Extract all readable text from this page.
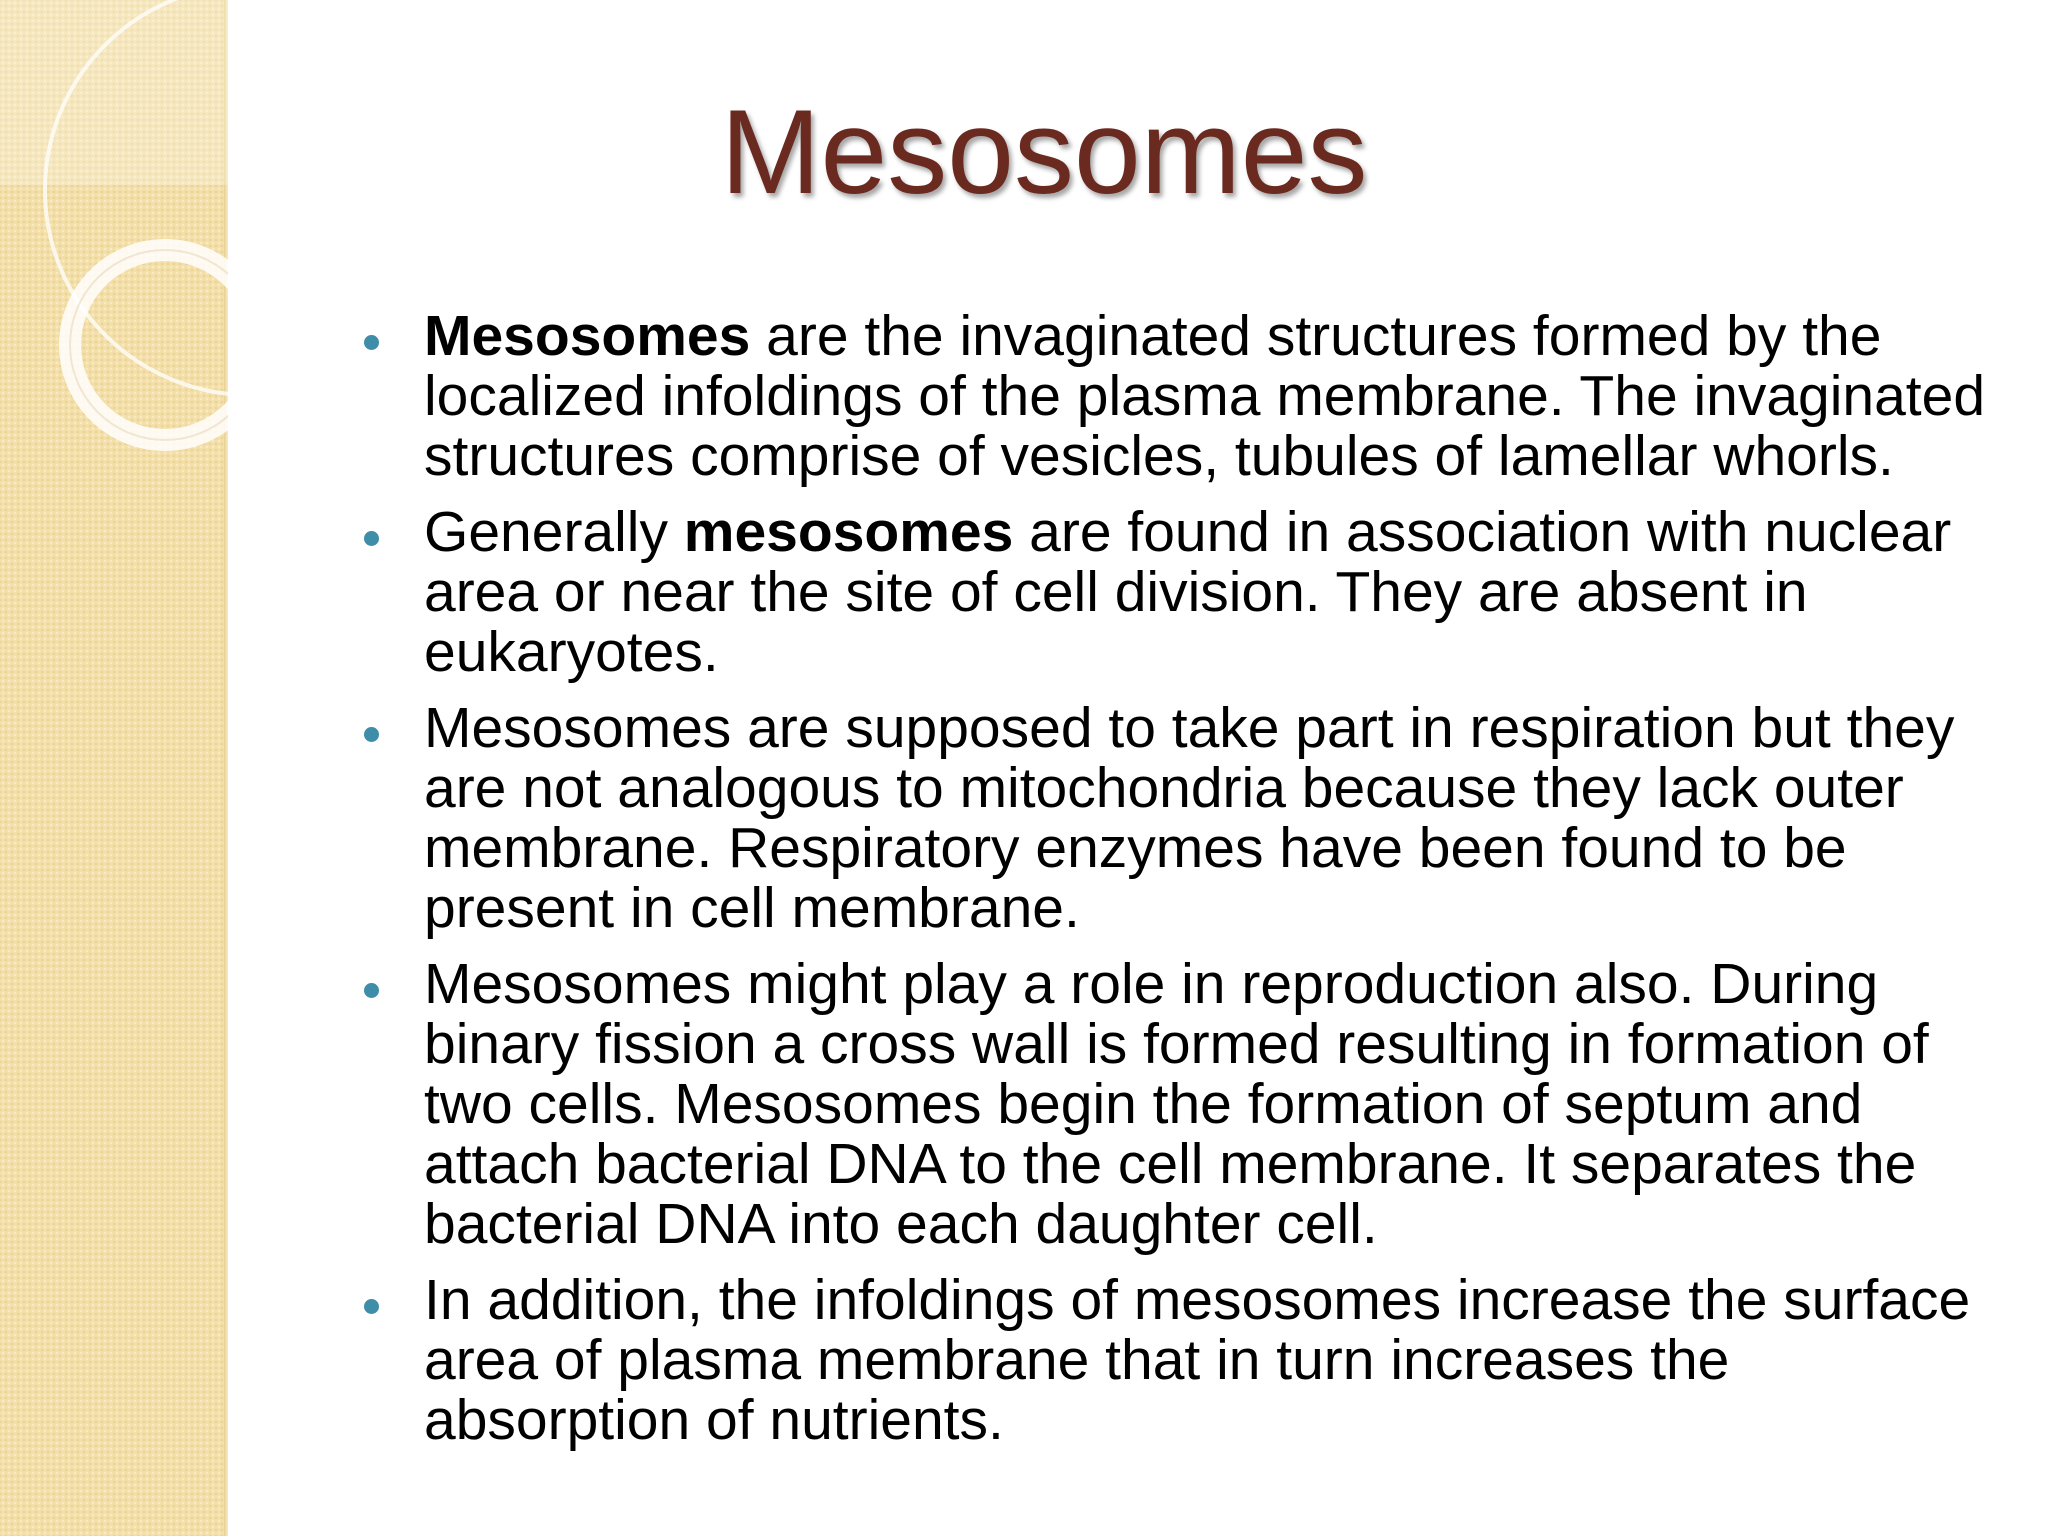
Mesosomes
Mesosomes are the invaginated structures formed by the localized infoldings of the plasma membrane. The invaginated structures comprise of vesicles, tubules of lamellar whorls.
Generally mesosomes are found in association with nuclear area or near the site of cell division. They are absent in eukaryotes.
Mesosomes are supposed to take part in respiration but they are not analogous to mitochondria because they lack outer membrane. Respiratory enzymes have been found to be present in cell membrane.
Mesosomes might play a role in reproduction also. During binary fission a cross wall is formed resulting in formation of two cells. Mesosomes begin the formation of septum and attach bacterial DNA to the cell membrane. It separates the bacterial DNA into each daughter cell.
In addition, the infoldings of mesosomes increase the surface area of plasma membrane that in turn increases the absorption of nutrients.
